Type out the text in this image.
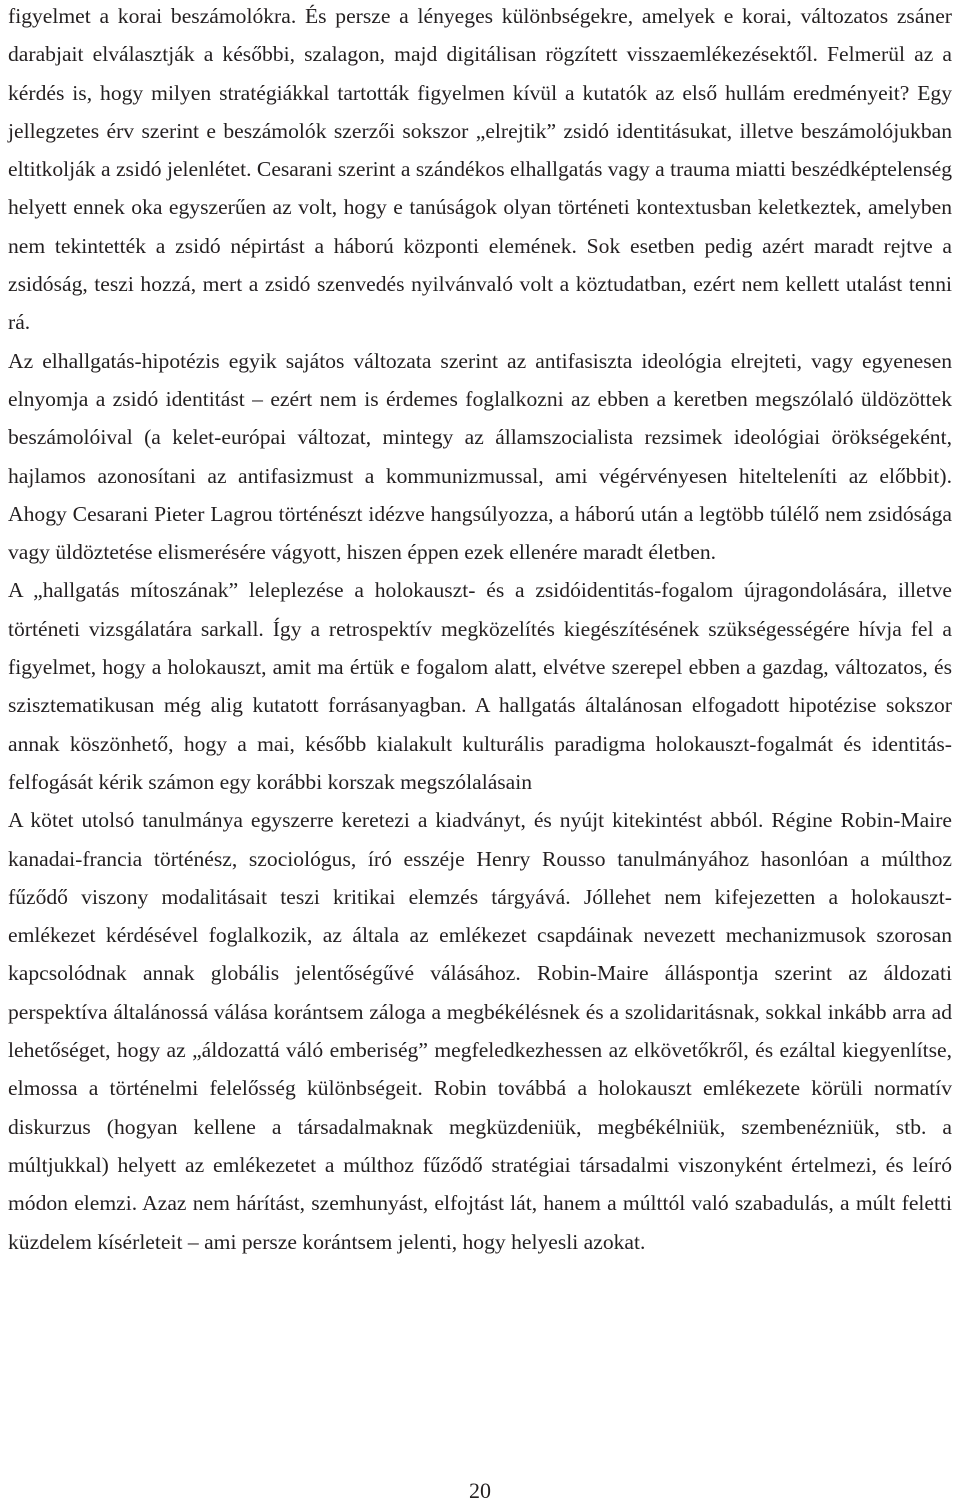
figyelmet a korai beszámolókra. És persze a lényeges különbségekre, amelyek e korai, változatos zsáner darabjait elválasztják a későbbi, szalagon, majd digitálisan rögzített visszaemlékezésektől. Felmerül az a kérdés is, hogy milyen stratégiákkal tartották figyelmen kívül a kutatók az első hullám eredményeit? Egy jellegzetes érv szerint e beszámolók szerzői sokszor „elrejtik” zsidó identitásukat, illetve beszámolójukban eltitkolják a zsidó jelenlétet. Cesarani szerint a szándékos elhallgatás vagy a trauma miatti beszédképtelenség helyett ennek oka egyszerűen az volt, hogy e tanúságok olyan történeti kontextusban keletkeztek, amelyben nem tekintették a zsidó népirtást a háború központi elemének. Sok esetben pedig azért maradt rejtve a zsidóság, teszi hozzá, mert a zsidó szenvedés nyilvánvaló volt a köztudatban, ezért nem kellett utalást tenni rá.

Az elhallgatás-hipotézis egyik sajátos változata szerint az antifasiszta ideológia elrejteti, vagy egyenesen elnyomja a zsidó identitást – ezért nem is érdemes foglalkozni az ebben a keretben megszólaló üldözöttek beszámolóival (a kelet-európai változat, mintegy az államszocialista rezsimek ideológiai örökségeként, hajlamos azonosítani az antifasizmust a kommunizmussal, ami végérvényesen hitelteleníti az előbbit). Ahogy Cesarani Pieter Lagrou történészt idézve hangsúlyozza, a háború után a legtöbb túlélő nem zsidósága vagy üldöztetése elismerésére vágyott, hiszen éppen ezek ellenére maradt életben.

A „hallgatás mítoszának” leleplezése a holokauszt- és a zsidóidentitás-fogalom újragondolására, illetve történeti vizsgálatára sarkall. Így a retrospektív megközelítés kiegészítésének szükségességére hívja fel a figyelmet, hogy a holokauszt, amit ma értük e fogalom alatt, elvétve szerepel ebben a gazdag, változatos, és szisztematikusan még alig kutatott forrásanyagban. A hallgatás általánosan elfogadott hipotézise sokszor annak köszönhető, hogy a mai, később kialakult kulturális paradigma holokauszt-fogalmát és identitás-felfogását kérik számon egy korábbi korszak megszólalásain

A kötet utolsó tanulmánya egyszerre keretezi a kiadványt, és nyújt kitekintést abból. Régine Robin-Maire kanadai-francia történész, szociológus, író esszéje Henry Rousso tanulmányához hasonlóan a múlthoz fűződő viszony modalitásait teszi kritikai elemzés tárgyává. Jóllehet nem kifejezetten a holokauszt-emlékezet kérdésével foglalkozik, az általa az emlékezet csapdáinak nevezett mechanizmusok szorosan kapcsolódnak annak globális jelentőségűvé válásához. Robin-Maire álláspontja szerint az áldozati perspektíva általánossá válása korántsem záloga a megbékélésnek és a szolidaritásnak, sokkal inkább arra ad lehetőséget, hogy az „áldozattá váló emberiség” megfeledkezhessen az elkövetőkről, és ezáltal kiegyenlítse, elmossa a történelmi felelősség különbségeit. Robin továbbá a holokauszt emlékezete körüli normatív diskurzus (hogyan kellene a társadalmaknak megküzdeniük, megbékélniük, szembenézniük, stb. a múltjukkal) helyett az emlékezetet a múlthoz fűződő stratégiai társadalmi viszonyként értelmezi, és leíró módon elemzi. Azaz nem hárítást, szemhunyást, elfojtást lát, hanem a múlttól való szabadulás, a múlt feletti küzdelem kísérleteit – ami persze korántsem jelenti, hogy helyesli azokat.

20
